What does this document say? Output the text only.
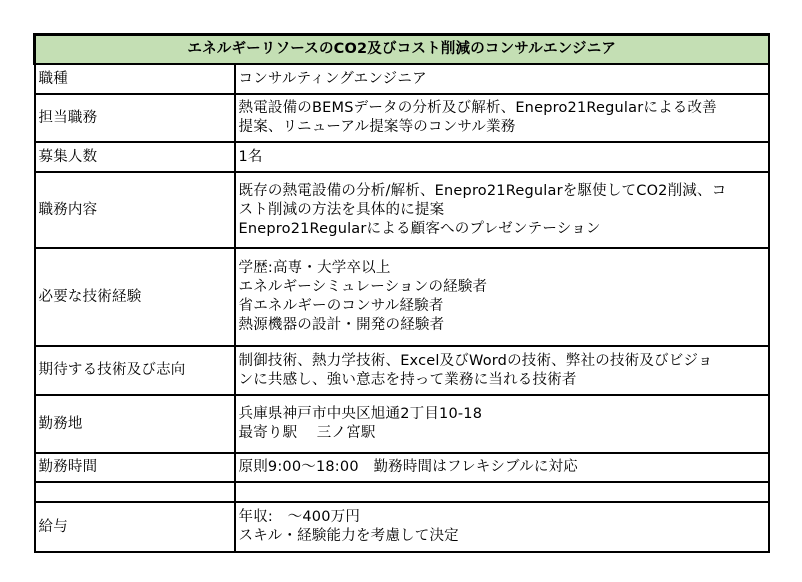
エネルギーリソースのCO2及びコスト削減のコンサルエンジニア	
職種	コンサルティングエンジニア

担当職務	熱電設備のBEMSデータの分析及び解析、Enepro21Regularによる改善
提案、リニューアル提案等のコンサル業務

募集人数	1名

職務内容	既存の熱電設備の分析/解析、Enepro21Regularを駆使してCO2削減、コ
スト削減の方法を具体的に提案
Enepro21Regularによる顧客へのプレゼンテーション

必要な技術経験	学歴:高専・大学卒以上
エネルギーシミュレーションの経験者
省エネルギーのコンサル経験者
熱源機器の設計・開発の経験者

期待する技術及び志向	制御技術、熱力学技術、Excel及びWordの技術、弊社の技術及びビジョ
ンに共感し、強い意志を持って業務に当れる技術者

勤務地	兵庫県神戸市中央区旭通2丁目10-18
最寄り駅　 三ノ宮駅

勤務時間	原則9:00～18:00　勤務時間はフレキシブルに対応

給与	年収:　～400万円
スキル・経験能力を考慮して決定
